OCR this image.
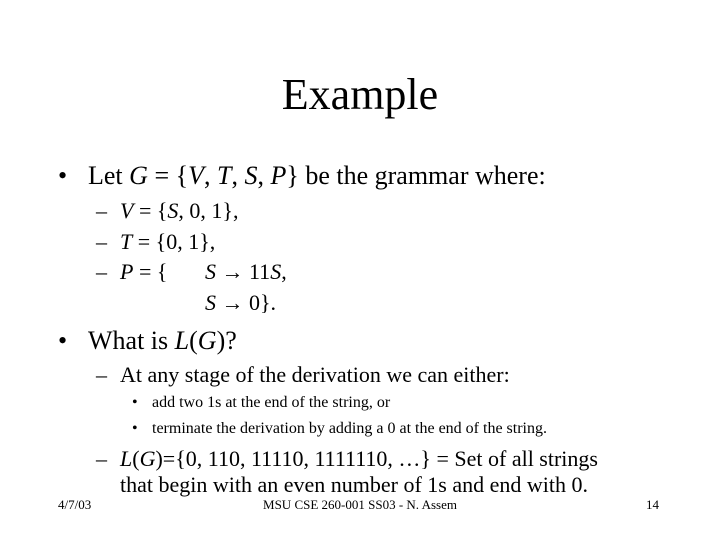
Example
• Let G = {V, T, S, P} be the grammar where:
– V = {S, 0, 1},
– T = {0, 1},
– P = { S → 11S,
S → 0}.
• What is L(G)?
– At any stage of the derivation we can either:
• add two 1s at the end of the string, or
• terminate the derivation by adding a 0 at the end of the string.
– L(G)={0, 110, 11110, 1111110, …} = Set of all strings
that begin with an even number of 1s and end with 0.
4/7/03	MSU CSE 260-001 SS03 - N. Assem	14
